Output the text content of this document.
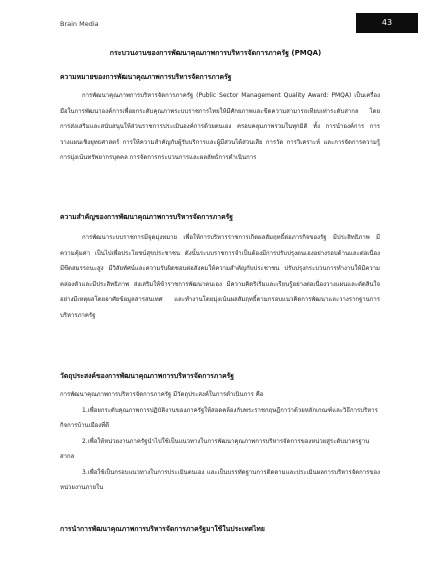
Brain Media	43
กระบวนงานของการพัฒนาคุณภาพการบริหารจัดการภาครัฐ (PMQA)
ความหมายของการพัฒนาคุณภาพการบริหารจัดการภาครัฐ

การพัฒนาคุณภาพการบริหารจัดการภาครัฐ (Public Sector Management Quality Award: PMQA) เป็นเครื่องมือในการพัฒนาองค์การเพื่อยกระดับคุณภาพระบบราชการไทยให้มีศักยภาพและขีดความสามารถเทียบเท่าระดับสากล โดยการส่งเสริมและสนับสนุนให้ส่วนราชการประเมินองค์การด้วยตนเอง ครอบคลุมภาพรวมในทุกมิติ ทั้ง การนำองค์การ การวางแผนเชิงยุทธศาสตร์ การให้ความสำคัญกับผู้รับบริการและผู้มีส่วนได้ส่วนเสีย การวัด การวิเคราะห์ และการจัดการความรู้ การมุ่งเน้นทรัพยากรบุคคล การจัดการกระบวนการและผลลัพธ์การดำเนินการ

ความสำคัญของการพัฒนาคุณภาพการบริหารจัดการภาครัฐ

การพัฒนาระบบราชการมีจุดมุ่งหมาย เพื่อให้การบริหารราชการเกิดผลสัมฤทธิ์ต่อภารกิจของรัฐ มีประสิทธิภาพ มีความคุ้มค่า เป็นไปเพื่อประโยชน์สุขประชาชน ดังนั้นระบบราชการจำเป็นต้องมีการปรับปรุงตนเองอย่างรอบด้านและต่อเนื่อง มีขีดสมรรถนะสูง มีวิสัยทัศน์และความรับผิดชอบต่อสังคมให้ความสำคัญกับประชาชน ปรับปรุงกระบวนการทำงานให้มีความคล่องตัวและมีประสิทธิภาพ ส่งเสริมให้ข้าราชการพัฒนาตนเอง มีความคิดริเริ่มและเรียนรู้อย่างต่อเนื่องวางแผนและตัดสินใจอย่างมีเหตุผลโดยอาศัยข้อมูลสารสนเทศ และทำงานโดยมุ่งเน้นผลสัมฤทธิ์ตามกรอบแนวคิดการพัฒนาและวางรากฐานการบริหารภาครัฐ

วัตถุประสงค์ของการพัฒนาคุณภาพการบริหารจัดการภาครัฐ

การพัฒนาคุณภาพการบริหารจัดการภาครัฐ มีวัตถุประสงค์ในการดำเนินการ คือ

1.เพื่อยกระดับคุณภาพการปฏิบัติงานของภาครัฐให้สอดคล้องกับพระราชกฤษฎีกาว่าด้วยหลักเกณฑ์และวิธีการบริหารกิจการบ้านเมืองที่ดี

2.เพื่อให้หน่วยงานภาครัฐนำไปใช้เป็นแนวทางในการพัฒนาคุณภาพการบริหารจัดการของหน่วยสู่ระดับมาตรฐานสากล

3.เพื่อใช้เป็นกรอบแนวทางในการประเมินตนเอง และเป็นบรรทัดฐานการติดตามและประเมินผลการบริหารจัดการของหน่วยงานภายใน

การนำการพัฒนาคุณภาพการบริหารจัดการภาครัฐมาใช้ในประเทศไทย
